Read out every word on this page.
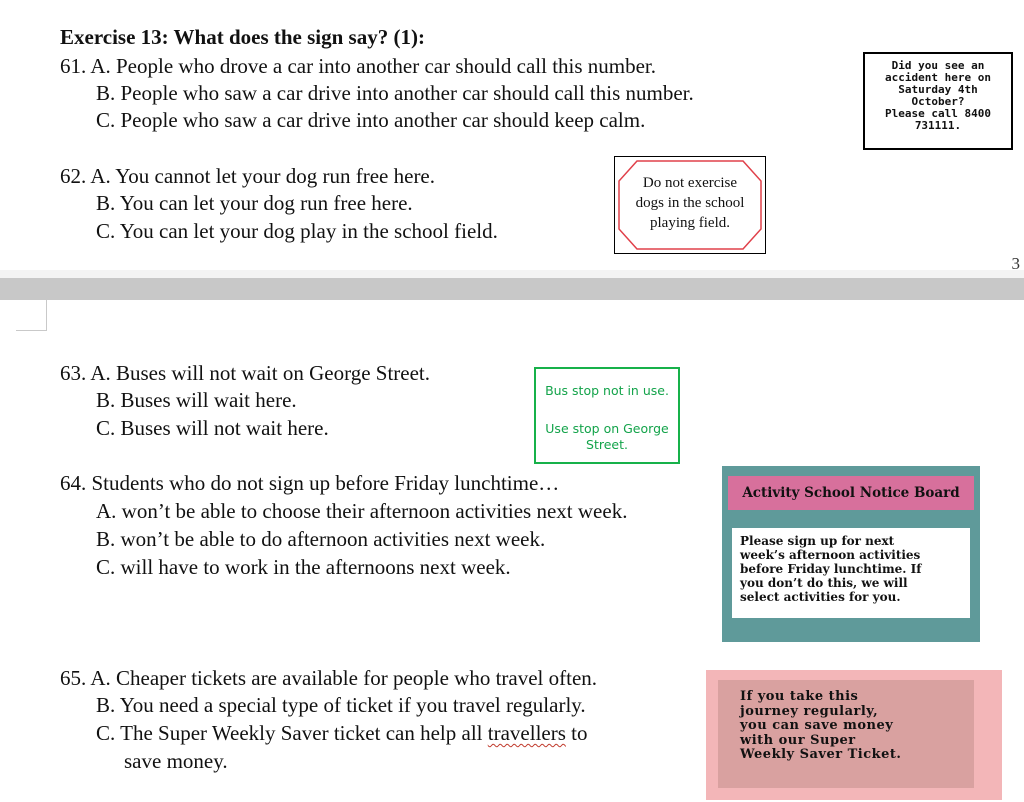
Exercise 13: What does the sign say? (1):
61. A. People who drove a car into another car should call this number.
B. People who saw a car drive into another car should call this number.
C. People who saw a car drive into another car should keep calm.
Did you see an
accident here on
Saturday 4th
October?
Please call 8400
731111.
62. A. You cannot let your dog run free here.
B. You can let your dog run free here.
C. You can let your dog play in the school field.
Do not exercise
dogs in the school
playing field.
3
63. A. Buses will not wait on George Street.
B. Buses will wait here.
C. Buses will not wait here.
Bus stop not in use.
Use stop on George
Street.
64. Students who do not sign up before Friday lunchtime…
A. won’t be able to choose their afternoon activities next week.
B. won’t be able to do afternoon activities next week.
C. will have to work in the afternoons next week.
Activity School Notice Board
Please sign up for next
week’s afternoon activities
before Friday lunchtime. If
you don’t do this, we will
select activities for you.
65. A. Cheaper tickets are available for people who travel often.
B. You need a special type of ticket if you travel regularly.
C. The Super Weekly Saver ticket can help all travellers to
save money.
If you take this
journey regularly,
you can save money
with our Super
Weekly Saver Ticket.
